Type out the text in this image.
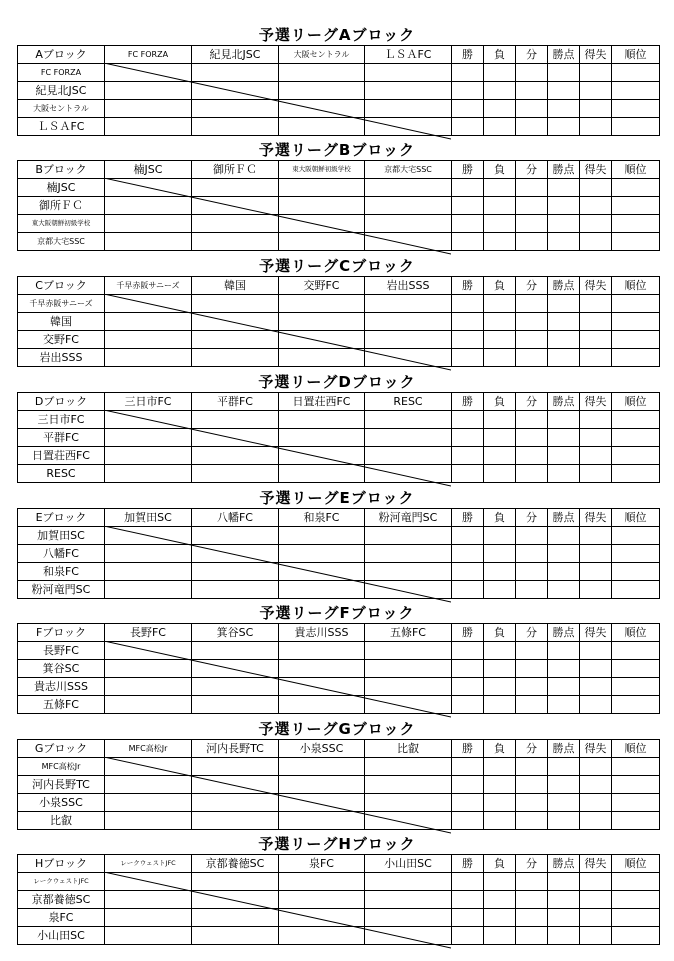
予選リーグAブロック
Aブロック	FC FORZA	紀見北JSC	大阪セントラル	ＬＳＡFC	勝	負	分	勝点	得失	順位
FC FORZA										
紀見北JSC										
大阪セントラル										
ＬＳＡFC										
予選リーグBブロック
Bブロック	楠JSC	御所ＦＣ	東大阪朝鮮初級学校	京都大宅SSC	勝	負	分	勝点	得失	順位
楠JSC										
御所ＦＣ										
東大阪朝鮮初級学校										
京都大宅SSC										
予選リーグCブロック
Cブロック	千早赤阪サニーズ	韓国	交野FC	岩出SSS	勝	負	分	勝点	得失	順位
千早赤阪サニーズ										
韓国										
交野FC										
岩出SSS										
予選リーグDブロック
Dブロック	三日市FC	平群FC	日置荘西FC	RESC	勝	負	分	勝点	得失	順位
三日市FC										
平群FC										
日置荘西FC										
RESC										
予選リーグEブロック
Eブロック	加賀田SC	八幡FC	和泉FC	粉河竜門SC	勝	負	分	勝点	得失	順位
加賀田SC										
八幡FC										
和泉FC										
粉河竜門SC										
予選リーグFブロック
Fブロック	長野FC	箕谷SC	貴志川SSS	五條FC	勝	負	分	勝点	得失	順位
長野FC										
箕谷SC										
貴志川SSS										
五條FC										
予選リーグGブロック
Gブロック	MFC高松Jr	河内長野TC	小泉SSC	比叡	勝	負	分	勝点	得失	順位
MFC高松Jr										
河内長野TC										
小泉SSC										
比叡										
予選リーグHブロック
Hブロック	レークウェストJFC	京都養徳SC	泉FC	小山田SC	勝	負	分	勝点	得失	順位
レークウェストJFC										
京都養徳SC										
泉FC										
小山田SC										
